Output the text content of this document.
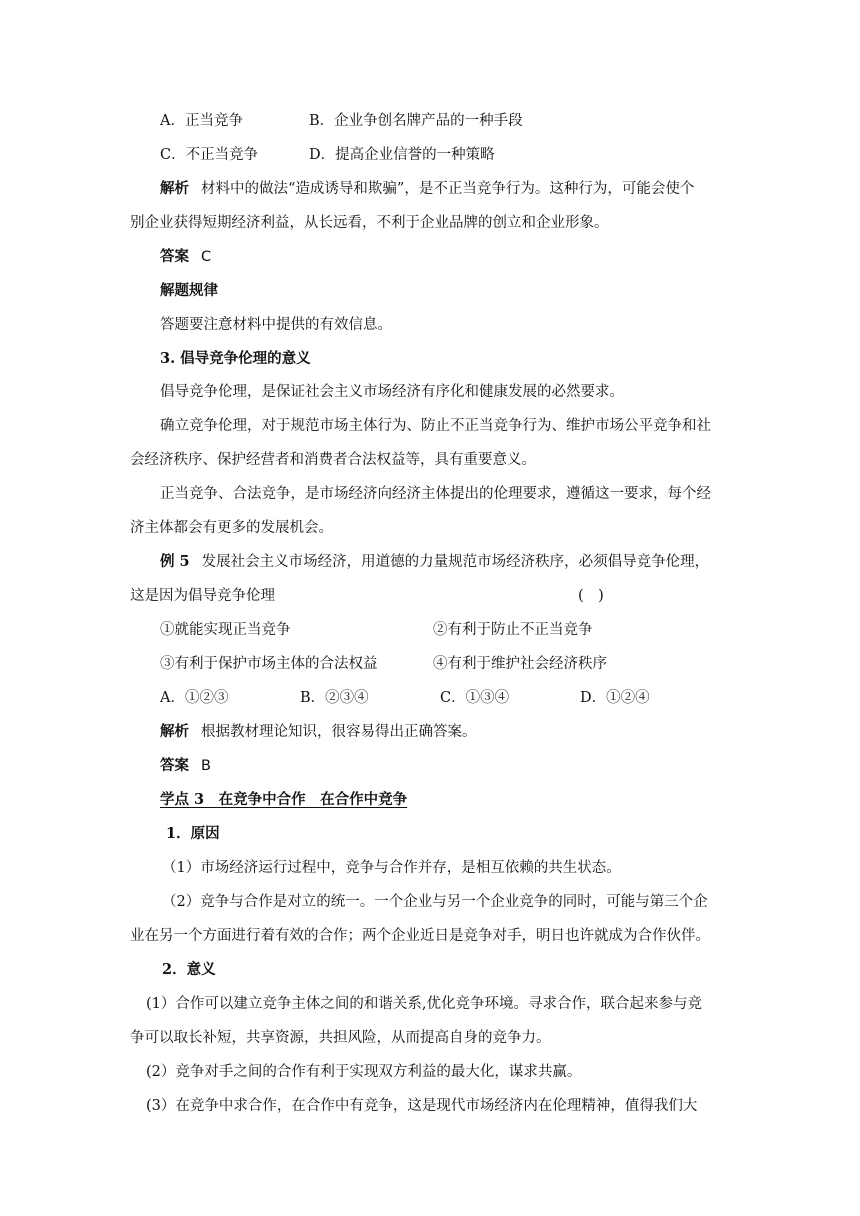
A．正当竞争	B．企业争创名牌产品的一种手段
C．不正当竞争	D．提高企业信誉的一种策略
解析 材料中的做法“造成诱导和欺骗”，是不正当竞争行为。这种行为，可能会使个
别企业获得短期经济利益，从长远看，不利于企业品牌的创立和企业形象。
答案 C
解题规律
答题要注意材料中提供的有效信息。
3. 倡导竞争伦理的意义
倡导竞争伦理，是保证社会主义市场经济有序化和健康发展的必然要求。
确立竞争伦理，对于规范市场主体行为、防止不正当竞争行为、维护市场公平竞争和社
会经济秩序、保护经营者和消费者合法权益等，具有重要意义。
正当竞争、合法竞争，是市场经济向经济主体提出的伦理要求，遵循这一要求，每个经
济主体都会有更多的发展机会。
例 5 发展社会主义市场经济，用道德的力量规范市场经济秩序，必须倡导竞争伦理，
这是因为倡导竞争伦理	(　)
①就能实现正当竞争	②有利于防止不正当竞争
③有利于保护市场主体的合法权益	④有利于维护社会经济秩序
A．①②③	B．②③④	C．①③④	D．①②④
解析 根据教材理论知识，很容易得出正确答案。
答案 B
学点 3　在竞争中合作　在合作中竞争
1．原因
（1）市场经济运行过程中，竞争与合作并存，是相互依赖的共生状态。
（2）竞争与合作是对立的统一。一个企业与另一个企业竞争的同时，可能与第三个企
业在另一个方面进行着有效的合作；两个企业近日是竞争对手，明日也许就成为合作伙伴。
2．意义
(1）合作可以建立竞争主体之间的和谐关系,优化竞争环境。寻求合作，联合起来参与竞
争可以取长补短，共享资源，共担风险，从而提高自身的竞争力。
(2）竞争对手之间的合作有利于实现双方利益的最大化，谋求共赢。
(3）在竞争中求合作，在合作中有竞争，这是现代市场经济内在伦理精神，值得我们大
